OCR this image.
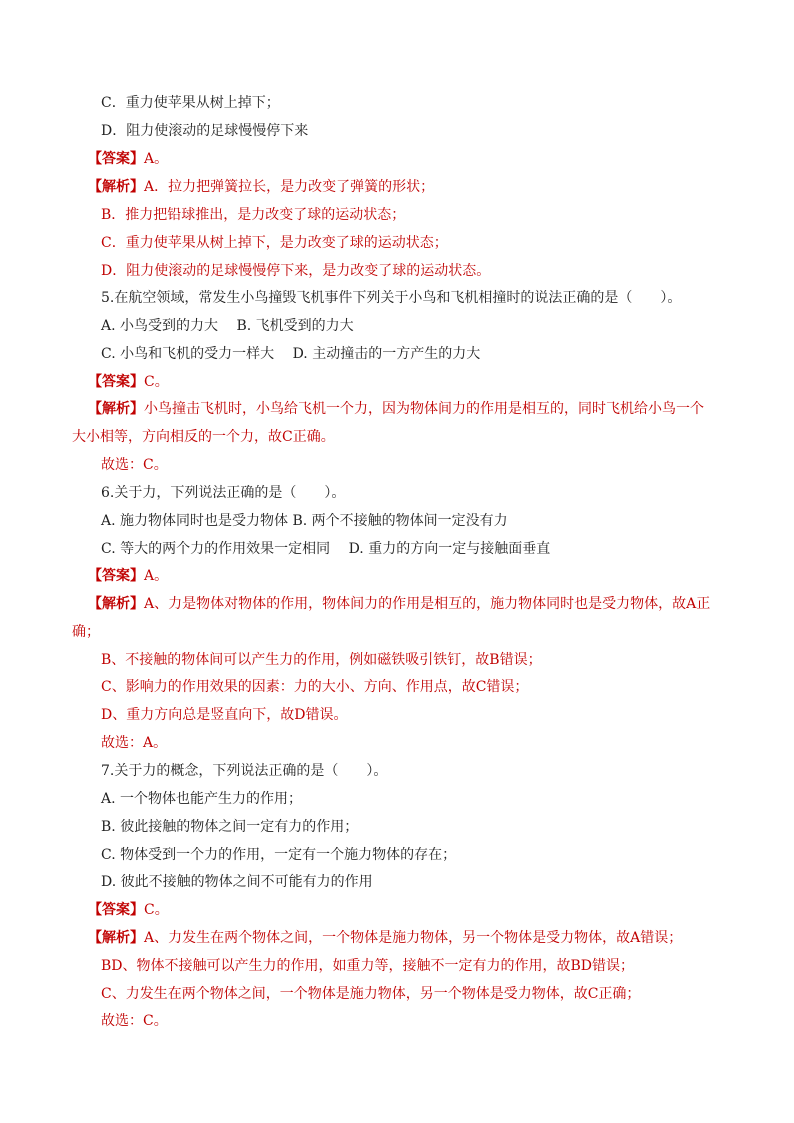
C．重力使苹果从树上掉下；
D．阻力使滚动的足球慢慢停下来
【答案】A。
【解析】A．拉力把弹簧拉长，是力改变了弹簧的形状；
B．推力把铅球推出，是力改变了球的运动状态；
C．重力使苹果从树上掉下，是力改变了球的运动状态；
D．阻力使滚动的足球慢慢停下来，是力改变了球的运动状态。
5.在航空领域，常发生小鸟撞毁飞机事件下列关于小鸟和飞机相撞时的说法正确的是（　　）。
A. 小鸟受到的力大　 B. 飞机受到的力大
C. 小鸟和飞机的受力一样大　 D. 主动撞击的一方产生的力大
【答案】C。
【解析】小鸟撞击飞机时，小鸟给飞机一个力，因为物体间力的作用是相互的，同时飞机给小鸟一个
大小相等，方向相反的一个力，故C正确。
故选：C。
6.关于力，下列说法正确的是（　　）。
A. 施力物体同时也是受力物体 B. 两个不接触的物体间一定没有力
C. 等大的两个力的作用效果一定相同　 D. 重力的方向一定与接触面垂直
【答案】A。
【解析】A、力是物体对物体的作用，物体间力的作用是相互的，施力物体同时也是受力物体，故A正
确；
B、不接触的物体间可以产生力的作用，例如磁铁吸引铁钉，故B错误；
C、影响力的作用效果的因素：力的大小、方向、作用点，故C错误；
D、重力方向总是竖直向下，故D错误。
故选：A。
7.关于力的概念，下列说法正确的是（　　）。
A. 一个物体也能产生力的作用；
B. 彼此接触的物体之间一定有力的作用；
C. 物体受到一个力的作用，一定有一个施力物体的存在；
D. 彼此不接触的物体之间不可能有力的作用
【答案】C。
【解析】A、力发生在两个物体之间，一个物体是施力物体，另一个物体是受力物体，故A错误；
BD、物体不接触可以产生力的作用，如重力等，接触不一定有力的作用，故BD错误；
C、力发生在两个物体之间，一个物体是施力物体，另一个物体是受力物体，故C正确；
故选：C。
